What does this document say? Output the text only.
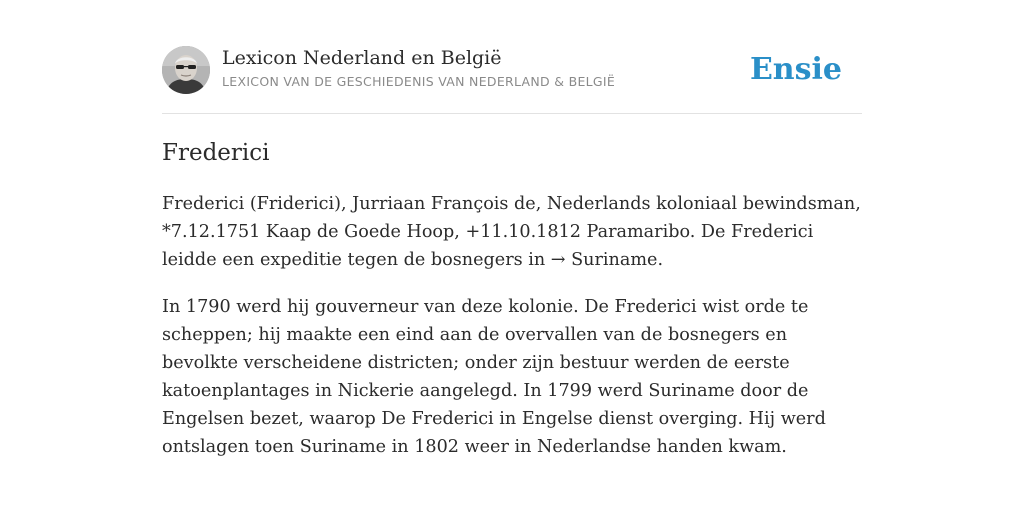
Lexicon Nederland en België
LEXICON VAN DE GESCHIEDENIS VAN NEDERLAND & BELGIË	Ensie
Frederici

Frederici (Friderici), Jurriaan François de, Nederlands koloniaal bewindsman, *7.12.1751 Kaap de Goede Hoop, +11.10.1812 Paramaribo. De Frederici leidde een expeditie tegen de bosnegers in → Suriname.

In 1790 werd hij gouverneur van deze kolonie. De Frederici wist orde te scheppen; hij maakte een eind aan de overvallen van de bosnegers en bevolkte verscheidene districten; onder zijn bestuur werden de eerste katoenplantages in Nickerie aangelegd. In 1799 werd Suriname door de Engelsen bezet, waarop De Frederici in Engelse dienst overging. Hij werd ontslagen toen Suriname in 1802 weer in Nederlandse handen kwam.
